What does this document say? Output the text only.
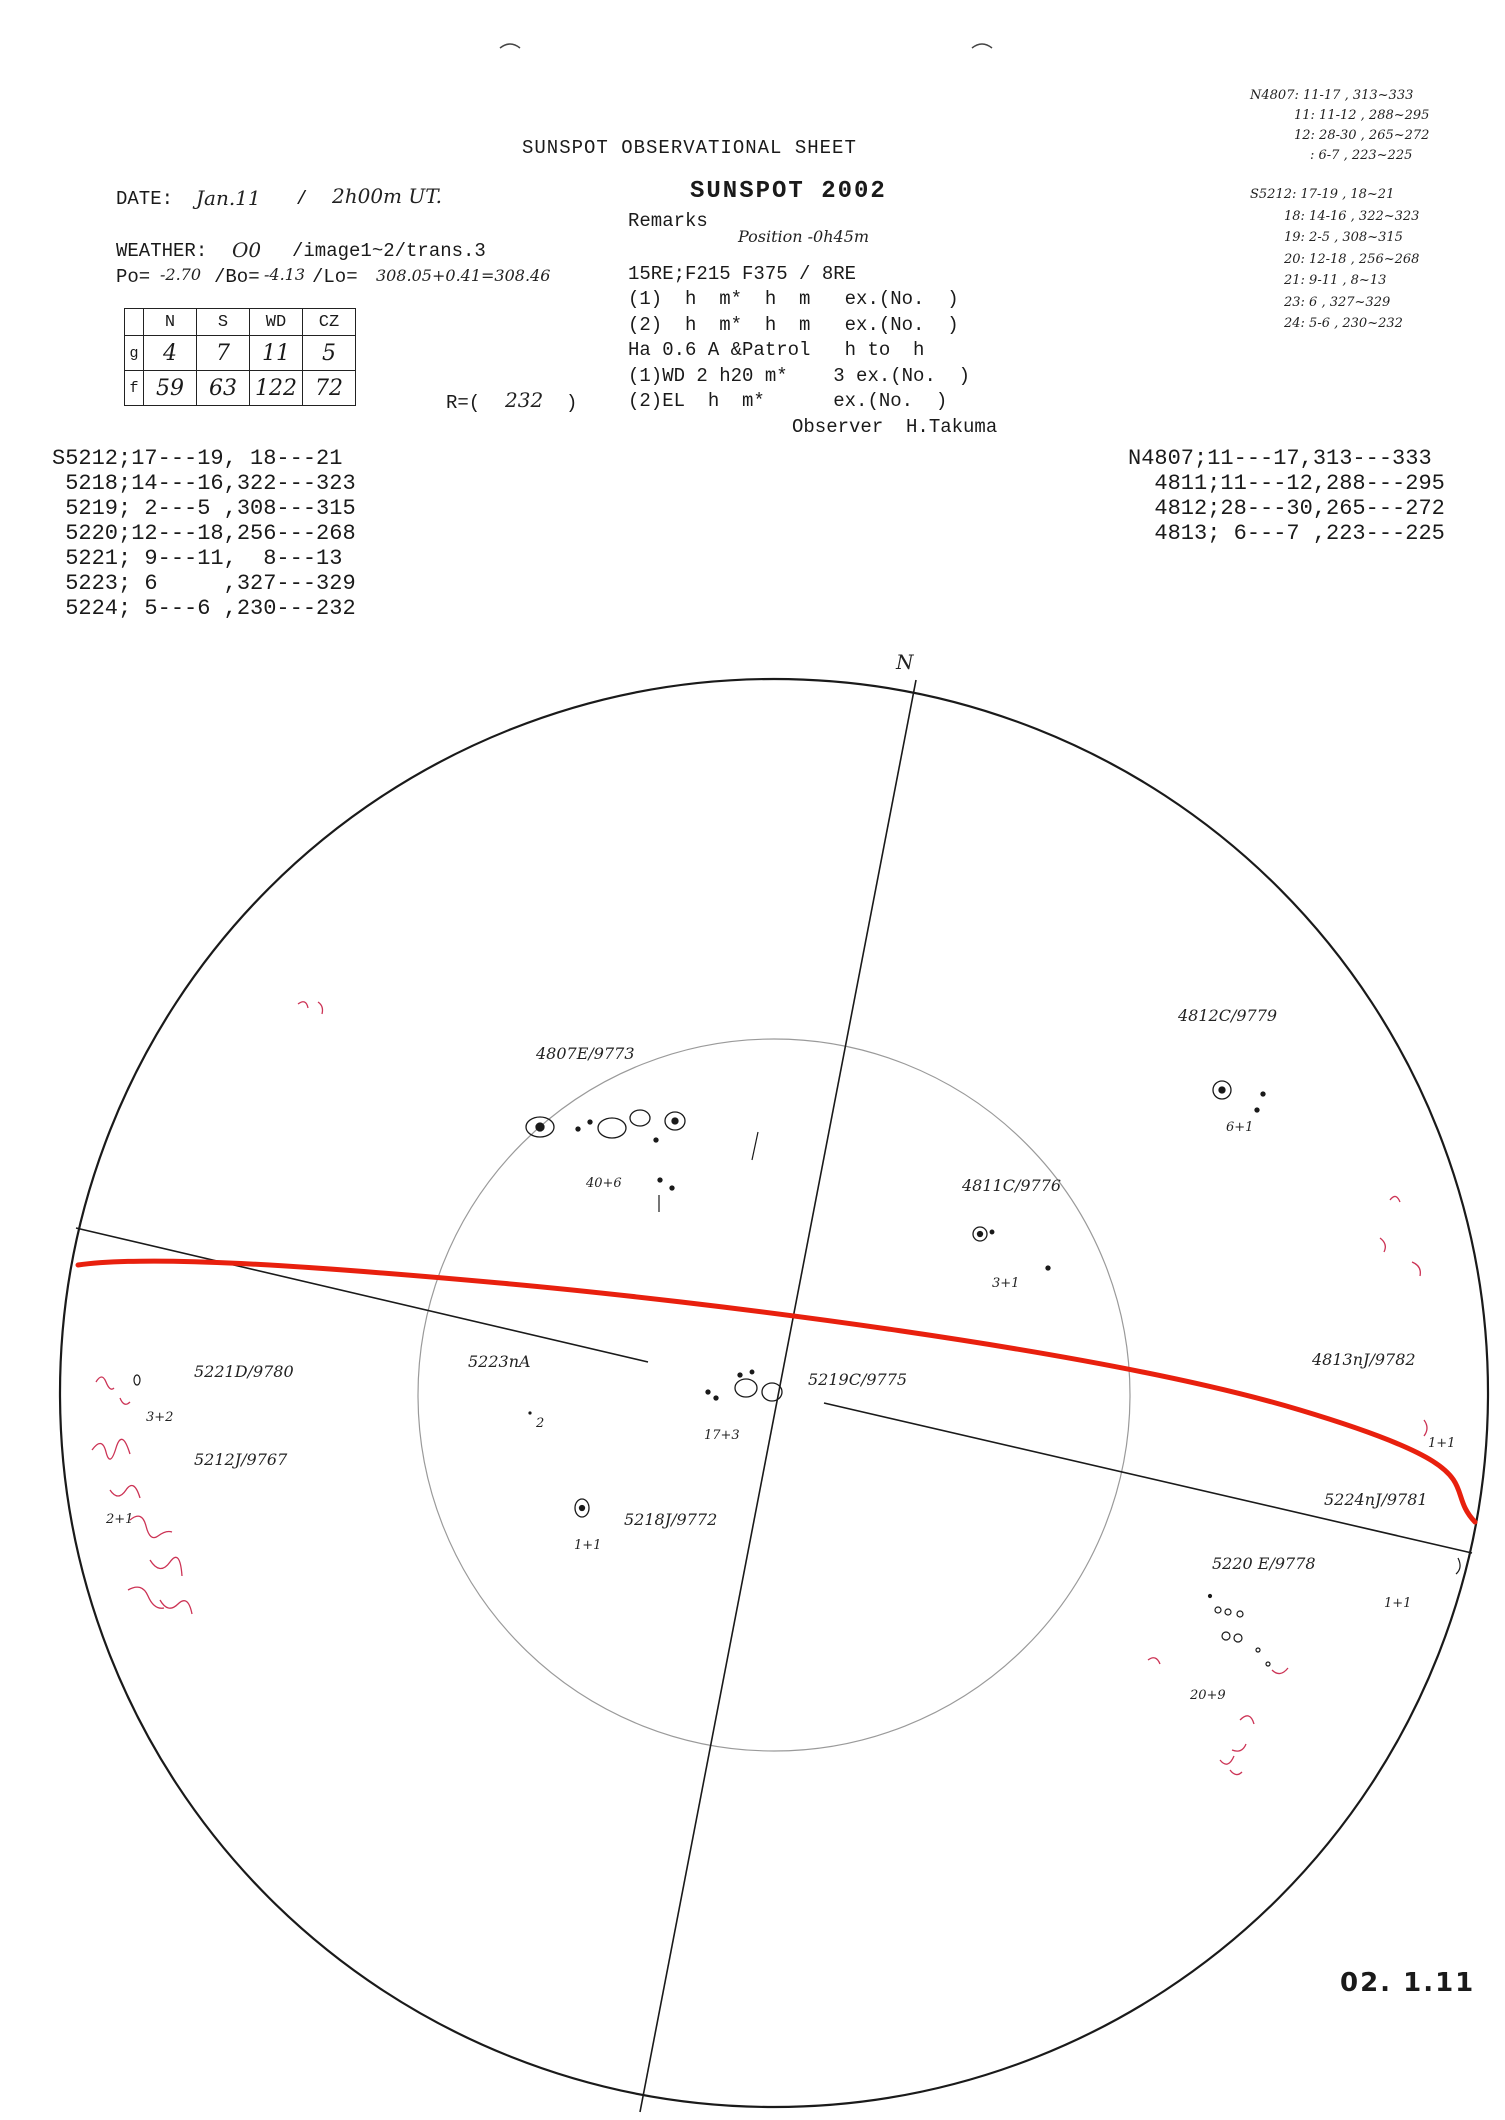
SUNSPOT OBSERVATIONAL SHEET
SUNSPOT 2002
DATE: Jan.11 / 2h00m UT.
WEATHER: O0 /image1~2/trans.3
Po= -2.70 /Bo= -4.13 /Lo= 308.05+0.41=308.46
	N	S	WD	CZ
g	4	7	11	5
f	59	63	122	72
R=( 232 )
Remarks
Position -0h45m
15RE;F215 F375 / 8RE
(1)  h  m*  h  m   ex.(No.  )
(2)  h  m*  h  m   ex.(No.  )
Ha 0.6 A &Patrol   h to  h
(1)WD 2 h20 m*    3 ex.(No.  )
(2)EL  h  m*      ex.(No.  )
Observer  H.Takuma
N4807: 11-17 , 313~333
11: 11-12 , 288~295
12: 28-30 , 265~272
: 6-7 , 223~225
S5212: 17-19 , 18~21
18: 14-16 , 322~323
19: 2-5 , 308~315
20: 12-18 , 256~268
21: 9-11 , 8~13
23: 6 , 327~329
24: 5-6 , 230~232
S5212;17---19, 18---21
5218;14---16,322---323
5219; 2---5 ,308---315
5220;12---18,256---268
5221; 9---11,  8---13
5223; 6     ,327---329
5224; 5---6 ,230---232
N4807;11---17,313---333
4811;11---12,288---295
4812;28---30,265---272
4813; 6---7 ,223---225
N
4807E/9773
40+6
4812C/9779
6+1
4811C/9776
3+1
4813nJ/9782
1+1
5221D/9780
3+2
5212J/9767
2+1
5223nA
2
5219C/9775
17+3
5218J/9772
1+1
5224nJ/9781
1+1
5220 E/9778
20+9
02. 1.11
